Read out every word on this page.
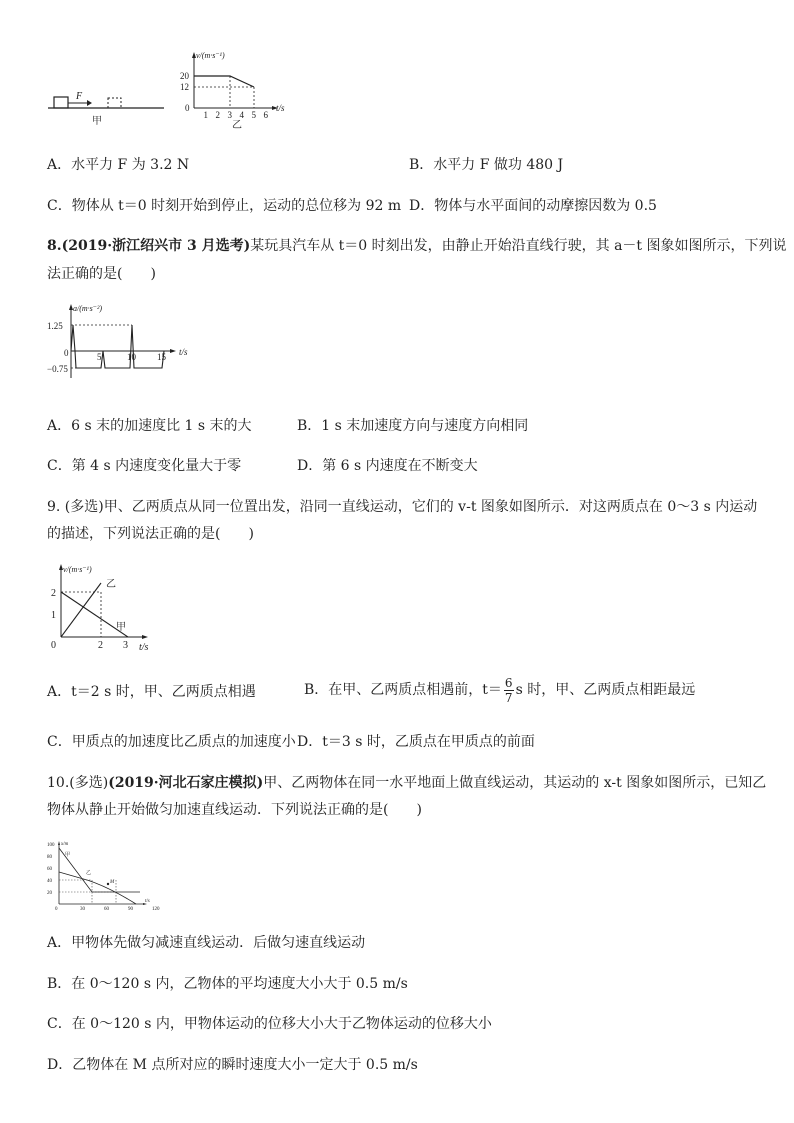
F
甲
v/(m·s⁻¹)
20
12
0
1 2 3 4 5 6
t/s
乙
A．水平力 F 为 3.2 N	B．水平力 F 做功 480 J
C．物体从 t＝0 时刻开始到停止，运动的总位移为 92 m D．物体与水平面间的动摩擦因数为 0.5
8.(2019·浙江绍兴市 3 月选考)某玩具汽车从 t＝0 时刻出发，由静止开始沿直线行驶，其 a－t 图象如图所示，下列说
法正确的是(　　)
a/(m·s⁻²)
1.25
−0.75
0	5	10 15 t/s
A．6 s 末的加速度比 1 s 末的大	B．1 s 末加速度方向与速度方向相同
C．第 4 s 内速度变化量大于零	D．第 6 s 内速度在不断变大
9. (多选)甲、乙两质点从同一位置出发，沿同一直线运动，它们的 v-t 图象如图所示．对这两质点在 0～3 s 内运动
的描述，下列说法正确的是(　　)
v/(m·s⁻¹)
2
1
0	2 3 t/s
乙
甲
A．t＝2 s 时，甲、乙两质点相遇	B．在甲、乙两质点相遇前，$t= \frac{6}{7}$ s 时，甲、乙两质点相距最远
C．甲质点的加速度比乙质点的加速度小 D．t＝3 s 时，乙质点在甲质点的前面
10.(多选)(2019·河北石家庄模拟)甲、乙两物体在同一水平地面上做直线运动，其运动的 x-t 图象如图所示，已知乙
物体从静止开始做匀加速直线运动．下列说法正确的是(　　)
x/m
100
80
60
40
20
30	60	90	120
0
t/s
甲
乙
M
A．甲物体先做匀减速直线运动．后做匀速直线运动
B．在 0～120 s 内，乙物体的平均速度大小大于 0.5 m/s
C．在 0～120 s 内，甲物体运动的位移大小大于乙物体运动的位移大小
D．乙物体在 M 点所对应的瞬时速度大小一定大于 0.5 m/s
